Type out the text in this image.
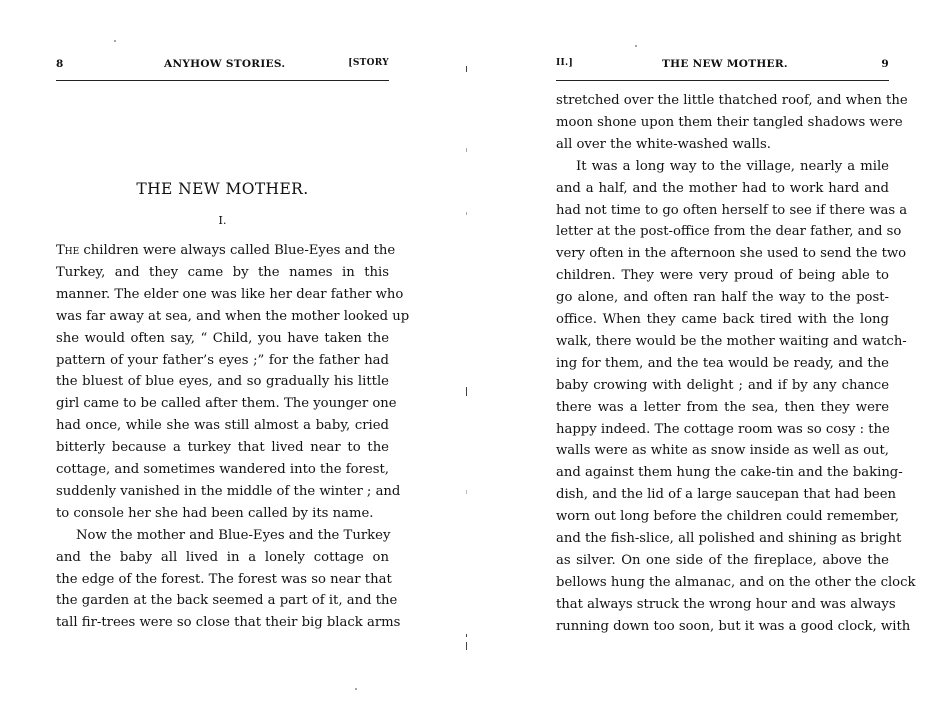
8	ANYHOW STORIES.	[STORY
THE NEW MOTHER.
I.
The children were always called Blue-Eyes and the
Turkey, and they came by the names in this
manner. The elder one was like her dear father who
was far away at sea, and when the mother looked up
she would often say, “ Child, you have taken the
pattern of your father’s eyes ;” for the father had
the bluest of blue eyes, and so gradually his little
girl came to be called after them. The younger one
had once, while she was still almost a baby, cried
bitterly because a turkey that lived near to the
cottage, and sometimes wandered into the forest,
suddenly vanished in the middle of the winter ; and
to console her she had been called by its name.
Now the mother and Blue-Eyes and the Turkey
and the baby all lived in a lonely cottage on
the edge of the forest. The forest was so near that
the garden at the back seemed a part of it, and the
tall fir-trees were so close that their big black arms
II.]	THE NEW MOTHER.	9
stretched over the little thatched roof, and when the
moon shone upon them their tangled shadows were
all over the white-washed walls.
It was a long way to the village, nearly a mile
and a half, and the mother had to work hard and
had not time to go often herself to see if there was a
letter at the post-office from the dear father, and so
very often in the afternoon she used to send the two
children. They were very proud of being able to
go alone, and often ran half the way to the post-
office. When they came back tired with the long
walk, there would be the mother waiting and watch-
ing for them, and the tea would be ready, and the
baby crowing with delight ; and if by any chance
there was a letter from the sea, then they were
happy indeed. The cottage room was so cosy : the
walls were as white as snow inside as well as out,
and against them hung the cake-tin and the baking-
dish, and the lid of a large saucepan that had been
worn out long before the children could remember,
and the fish-slice, all polished and shining as bright
as silver. On one side of the fireplace, above the
bellows hung the almanac, and on the other the clock
that always struck the wrong hour and was always
running down too soon, but it was a good clock, with
